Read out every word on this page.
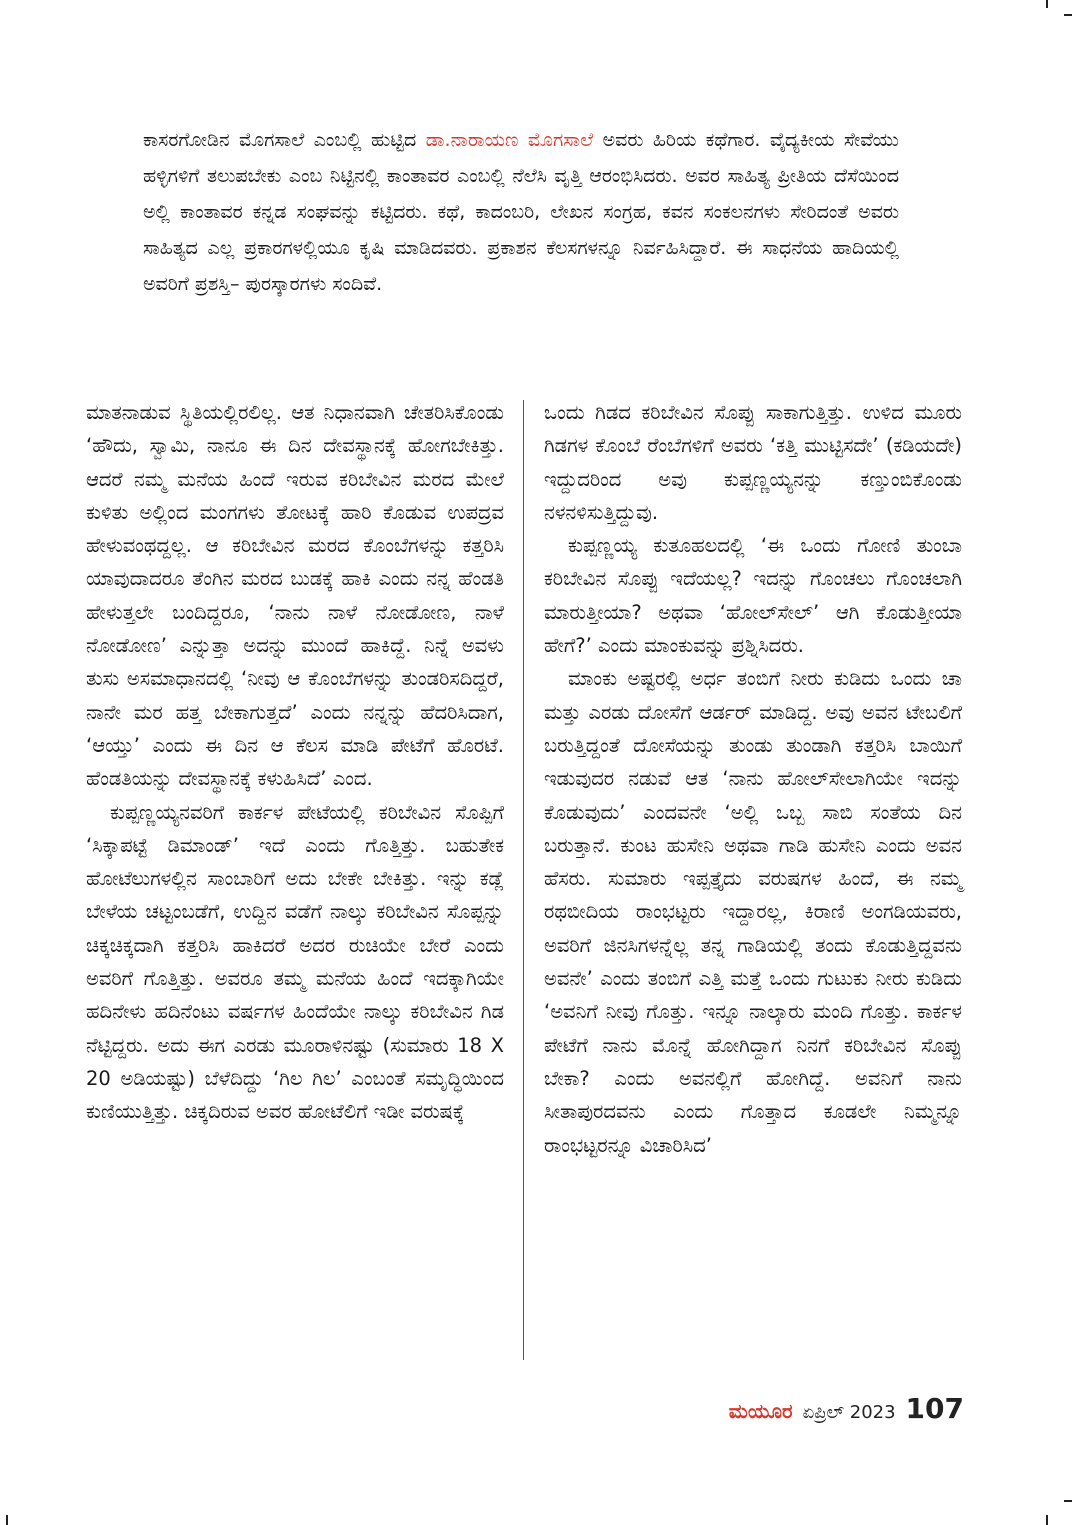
ಕಾಸರಗೋಡಿನ ಮೊಗಸಾಲೆ ಎಂಬಲ್ಲಿ ಹುಟ್ಟಿದ ಡಾ.ನಾರಾಯಣ ಮೊಗಸಾಲೆ ಅವರು ಹಿರಿಯ ಕಥೆಗಾರ. ವೈದ್ಯಕೀಯ ಸೇವೆಯು ಹಳ್ಳಿಗಳಿಗೆ ತಲುಪಬೇಕು ಎಂಬ ನಿಟ್ಟಿನಲ್ಲಿ ಕಾಂತಾವರ ಎಂಬಲ್ಲಿ ನೆಲೆಸಿ ವೃತ್ತಿ ಆರಂಭಿಸಿದರು. ಅವರ ಸಾಹಿತ್ಯ ಪ್ರೀತಿಯ ದೆಸೆಯಿಂದ ಅಲ್ಲಿ ಕಾಂತಾವರ ಕನ್ನಡ ಸಂಘವನ್ನು ಕಟ್ಟಿದರು. ಕಥೆ, ಕಾದಂಬರಿ, ಲೇಖನ ಸಂಗ್ರಹ, ಕವನ ಸಂಕಲನಗಳು ಸೇರಿದಂತೆ ಅವರು ಸಾಹಿತ್ಯದ ಎಲ್ಲ ಪ್ರಕಾರಗಳಲ್ಲಿಯೂ ಕೃಷಿ ಮಾಡಿದವರು. ಪ್ರಕಾಶನ ಕೆಲಸಗಳನ್ನೂ ನಿರ್ವಹಿಸಿದ್ದಾರೆ. ಈ ಸಾಧನೆಯ ಹಾದಿಯಲ್ಲಿ ಅವರಿಗೆ ಪ್ರಶಸ್ತಿ– ಪುರಸ್ಕಾರಗಳು ಸಂದಿವೆ.

ಮಾತನಾಡುವ ಸ್ಥಿತಿಯಲ್ಲಿರಲಿಲ್ಲ. ಆತ ನಿಧಾನವಾಗಿ ಚೇತರಿಸಿಕೊಂಡು ‘ಹೌದು, ಸ್ವಾಮಿ, ನಾನೂ ಈ ದಿನ ದೇವಸ್ಥಾನಕ್ಕೆ ಹೋಗಬೇಕಿತ್ತು. ಆದರೆ ನಮ್ಮ ಮನೆಯ ಹಿಂದೆ ಇರುವ ಕರಿಬೇವಿನ ಮರದ ಮೇಲೆ ಕುಳಿತು ಅಲ್ಲಿಂದ ಮಂಗಗಳು ತೋಟಕ್ಕೆ ಹಾರಿ ಕೊಡುವ ಉಪದ್ರವ ಹೇಳುವಂಥದ್ದಲ್ಲ. ಆ ಕರಿಬೇವಿನ ಮರದ ಕೊಂಬೆಗಳನ್ನು ಕತ್ತರಿಸಿ ಯಾವುದಾದರೂ ತೆಂಗಿನ ಮರದ ಬುಡಕ್ಕೆ ಹಾಕಿ ಎಂದು ನನ್ನ ಹೆಂಡತಿ ಹೇಳುತ್ತಲೇ ಬಂದಿದ್ದರೂ, ‘ನಾನು ನಾಳೆ ನೋಡೋಣ, ನಾಳೆ ನೋಡೋಣ’ ಎನ್ನುತ್ತಾ ಅದನ್ನು ಮುಂದೆ ಹಾಕಿದ್ದೆ. ನಿನ್ನೆ ಅವಳು ತುಸು ಅಸಮಾಧಾನದಲ್ಲಿ ‘ನೀವು ಆ ಕೊಂಬೆಗಳನ್ನು ತುಂಡರಿಸದಿದ್ದರೆ, ನಾನೇ ಮರ ಹತ್ತ ಬೇಕಾಗುತ್ತದೆ’ ಎಂದು ನನ್ನನ್ನು ಹೆದರಿಸಿದಾಗ, ‘ಆಯ್ತು’ ಎಂದು ಈ ದಿನ ಆ ಕೆಲಸ ಮಾಡಿ ಪೇಟೆಗೆ ಹೊರಟೆ. ಹೆಂಡತಿಯನ್ನು ದೇವಸ್ಥಾನಕ್ಕೆ ಕಳುಹಿಸಿದೆ’ ಎಂದ.

ಕುಪ್ಪಣ್ಣಯ್ಯನವರಿಗೆ ಕಾರ್ಕಳ ಪೇಟೆಯಲ್ಲಿ ಕರಿಬೇವಿನ ಸೊಪ್ಪಿಗೆ ‘ಸಿಕ್ಕಾಪಟ್ಟೆ ಡಿಮಾಂಡ್’ ಇದೆ ಎಂದು ಗೊತ್ತಿತ್ತು. ಬಹುತೇಕ ಹೋಟೆಲುಗಳಲ್ಲಿನ ಸಾಂಬಾರಿಗೆ ಅದು ಬೇಕೇ ಬೇಕಿತ್ತು. ಇನ್ನು ಕಡ್ಲೆ ಬೇಳೆಯ ಚಟ್ಟಂಬಡೆಗೆ, ಉದ್ದಿನ ವಡೆಗೆ ನಾಲ್ಕು ಕರಿಬೇವಿನ ಸೊಪ್ಪನ್ನು ಚಿಕ್ಕಚಿಕ್ಕದಾಗಿ ಕತ್ತರಿಸಿ ಹಾಕಿದರೆ ಅದರ ರುಚಿಯೇ ಬೇರೆ ಎಂದು ಅವರಿಗೆ ಗೊತ್ತಿತ್ತು. ಅವರೂ ತಮ್ಮ ಮನೆಯ ಹಿಂದೆ ಇದಕ್ಕಾಗಿಯೇ ಹದಿನೇಳು ಹದಿನೆಂಟು ವರ್ಷಗಳ ಹಿಂದೆಯೇ ನಾಲ್ಕು ಕರಿಬೇವಿನ ಗಿಡ ನೆಟ್ಟಿದ್ದರು. ಅದು ಈಗ ಎರಡು ಮೂರಾಳಿನಷ್ಟು (ಸುಮಾರು 18 X 20 ಅಡಿಯಷ್ಟು) ಬೆಳೆದಿದ್ದು ‘ಗಿಲ ಗಿಲ’ ಎಂಬಂತೆ ಸಮೃದ್ಧಿಯಿಂದ ಕುಣಿಯುತ್ತಿತ್ತು. ಚಿಕ್ಕದಿರುವ ಅವರ ಹೋಟೆಲಿಗೆ ಇಡೀ ವರುಷಕ್ಕೆ

ಒಂದು ಗಿಡದ ಕರಿಬೇವಿನ ಸೊಪ್ಪು ಸಾಕಾಗುತ್ತಿತ್ತು. ಉಳಿದ ಮೂರು ಗಿಡಗಳ ಕೊಂಬೆ ರೆಂಬೆಗಳಿಗೆ ಅವರು ‘ಕತ್ತಿ ಮುಟ್ಟಿಸದೇ’ (ಕಡಿಯದೇ) ಇದ್ದುದರಿಂದ ಅವು ಕುಪ್ಪಣ್ಣಯ್ಯನನ್ನು ಕಣ್ತುಂಬಿಕೊಂಡು ನಳನಳಿಸುತ್ತಿದ್ದುವು.

ಕುಪ್ಪಣ್ಣಯ್ಯ ಕುತೂಹಲದಲ್ಲಿ ‘ಈ ಒಂದು ಗೋಣಿ ತುಂಬಾ ಕರಿಬೇವಿನ ಸೊಪ್ಪು ಇದೆಯಲ್ಲ? ಇದನ್ನು ಗೊಂಚಲು ಗೊಂಚಲಾಗಿ ಮಾರುತ್ತೀಯಾ? ಅಥವಾ ‘ಹೋಲ್‌ಸೇಲ್’ ಆಗಿ ಕೊಡುತ್ತೀಯಾ ಹೇಗೆ?’ ಎಂದು ಮಾಂಕುವನ್ನು ಪ್ರಶ್ನಿಸಿದರು.

ಮಾಂಕು ಅಷ್ಟರಲ್ಲಿ ಅರ್ಧ ತಂಬಿಗೆ ನೀರು ಕುಡಿದು ಒಂದು ಚಾ ಮತ್ತು ಎರಡು ದೋಸೆಗೆ ಆರ್ಡರ್ ಮಾಡಿದ್ದ. ಅವು ಅವನ ಟೇಬಲಿಗೆ ಬರುತ್ತಿದ್ದಂತೆ ದೋಸೆಯನ್ನು ತುಂಡು ತುಂಡಾಗಿ ಕತ್ತರಿಸಿ ಬಾಯಿಗೆ ಇಡುವುದರ ನಡುವೆ ಆತ ‘ನಾನು ಹೋಲ್‌ಸೇಲಾಗಿಯೇ ಇದನ್ನು ಕೊಡುವುದು’ ಎಂದವನೇ ‘ಅಲ್ಲಿ ಒಬ್ಬ ಸಾಬಿ ಸಂತೆಯ ದಿನ ಬರುತ್ತಾನೆ. ಕುಂಟ ಹುಸೇನಿ ಅಥವಾ ಗಾಡಿ ಹುಸೇನಿ ಎಂದು ಅವನ ಹೆಸರು. ಸುಮಾರು ಇಪ್ಪತ್ತೈದು ವರುಷಗಳ ಹಿಂದೆ, ಈ ನಮ್ಮ ರಥಬೀದಿಯ ರಾಂಭಟ್ಟರು ಇದ್ದಾರಲ್ಲ, ಕಿರಾಣಿ ಅಂಗಡಿಯವರು, ಅವರಿಗೆ ಜಿನಸಿಗಳನ್ನೆಲ್ಲ ತನ್ನ ಗಾಡಿಯಲ್ಲಿ ತಂದು ಕೊಡುತ್ತಿದ್ದವನು ಅವನೇ’ ಎಂದು ತಂಬಿಗೆ ಎತ್ತಿ ಮತ್ತೆ ಒಂದು ಗುಟುಕು ನೀರು ಕುಡಿದು ‘ಅವನಿಗೆ ನೀವು ಗೊತ್ತು. ಇನ್ನೂ ನಾಲ್ಕಾರು ಮಂದಿ ಗೊತ್ತು. ಕಾರ್ಕಳ ಪೇಟೆಗೆ ನಾನು ಮೊನ್ನೆ ಹೋಗಿದ್ದಾಗ ನಿನಗೆ ಕರಿಬೇವಿನ ಸೊಪ್ಪು ಬೇಕಾ? ಎಂದು ಅವನಲ್ಲಿಗೆ ಹೋಗಿದ್ದೆ. ಅವನಿಗೆ ನಾನು ಸೀತಾಪುರದವನು ಎಂದು ಗೊತ್ತಾದ ಕೂಡಲೇ ನಿಮ್ಮನ್ನೂ ರಾಂಭಟ್ಟರನ್ನೂ ವಿಚಾರಿಸಿದ’

ಮಯೂರ ಏಪ್ರಿಲ್ 2023 107
